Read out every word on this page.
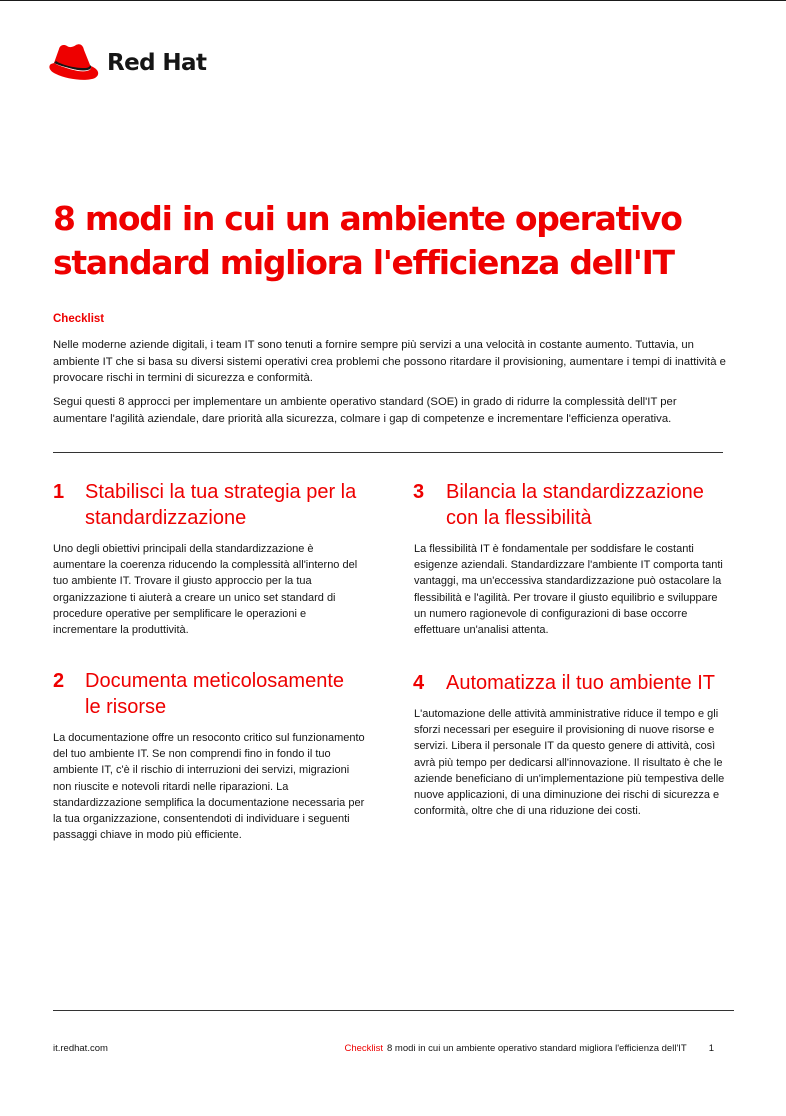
Red Hat
8 modi in cui un ambiente operativo standard migliora l'efficienza dell'IT
Checklist

Nelle moderne aziende digitali, i team IT sono tenuti a fornire sempre più servizi a una velocità in costante aumento. Tuttavia, un ambiente IT che si basa su diversi sistemi operativi crea problemi che possono ritardare il provisioning, aumentare i tempi di inattività e provocare rischi in termini di sicurezza e conformità.

Segui questi 8 approcci per implementare un ambiente operativo standard (SOE) in grado di ridurre la complessità dell'IT per aumentare l'agilità aziendale, dare priorità alla sicurezza, colmare i gap di competenze e incrementare l'efficienza operativa.

1 Stabilisci la tua strategia per la standardizzazione

Uno degli obiettivi principali della standardizzazione è aumentare la coerenza riducendo la complessità all'interno del tuo ambiente IT. Trovare il giusto approccio per la tua organizzazione ti aiuterà a creare un unico set standard di procedure operative per semplificare le operazioni e incrementare la produttività.

2 Documenta meticolosamente le risorse

La documentazione offre un resoconto critico sul funzionamento del tuo ambiente IT. Se non comprendi fino in fondo il tuo ambiente IT, c'è il rischio di interruzioni dei servizi, migrazioni non riuscite e notevoli ritardi nelle riparazioni. La standardizzazione semplifica la documentazione necessaria per la tua organizzazione, consentendoti di individuare i seguenti passaggi chiave in modo più efficiente.

3 Bilancia la standardizzazione con la flessibilità

La flessibilità IT è fondamentale per soddisfare le costanti esigenze aziendali. Standardizzare l'ambiente IT comporta tanti vantaggi, ma un'eccessiva standardizzazione può ostacolare la flessibilità e l'agilità. Per trovare il giusto equilibrio e sviluppare un numero ragionevole di configurazioni di base occorre effettuare un'analisi attenta.

4 Automatizza il tuo ambiente IT

L'automazione delle attività amministrative riduce il tempo e gli sforzi necessari per eseguire il provisioning di nuove risorse e servizi. Libera il personale IT da questo genere di attività, così avrà più tempo per dedicarsi all'innovazione. Il risultato è che le aziende beneficiano di un'implementazione più tempestiva delle nuove applicazioni, di una diminuzione dei rischi di sicurezza e conformità, oltre che di una riduzione dei costi.

it.redhat.com	Checklist 8 modi in cui un ambiente operativo standard migliora l'efficienza dell'IT 1
